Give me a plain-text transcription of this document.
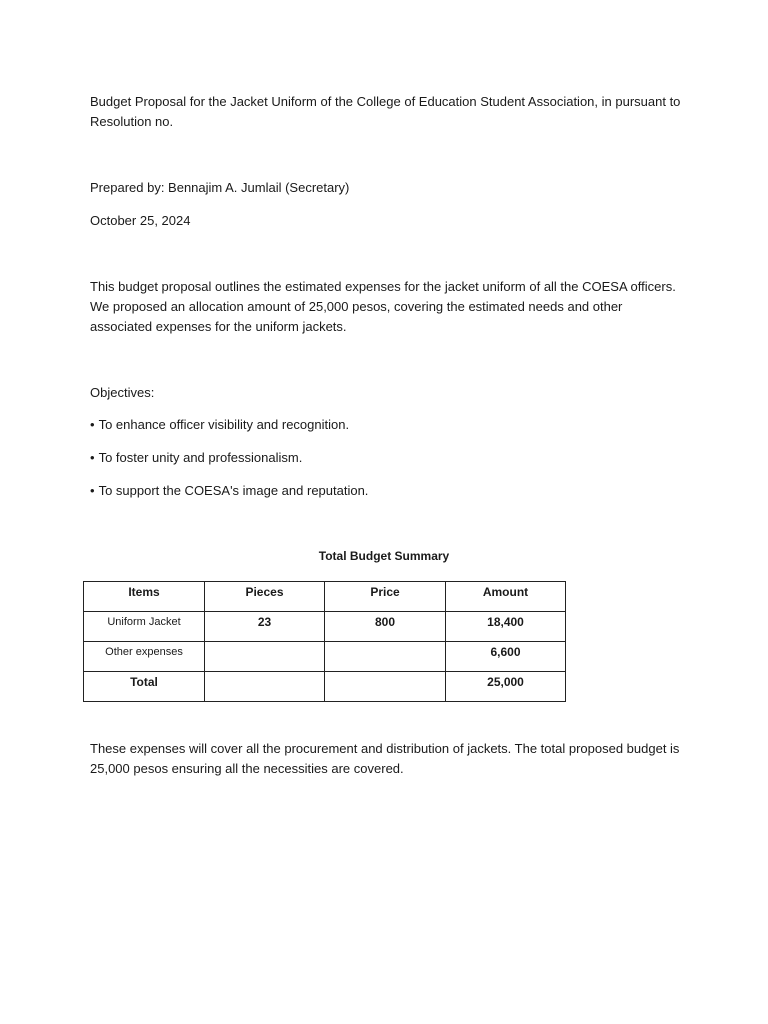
Budget Proposal for the Jacket Uniform of the College of Education Student Association, in pursuant to Resolution no.

Prepared by: Bennajim A. Jumlail (Secretary)

October 25, 2024

This budget proposal outlines the estimated expenses for the jacket uniform of all the COESA officers. We proposed an allocation amount of 25,000 pesos, covering the estimated needs and other associated expenses for the uniform jackets.

Objectives:

• To enhance officer visibility and recognition.

• To foster unity and professionalism.

• To support the COESA's image and reputation.

Total Budget Summary

Items	Pieces	Price	Amount
Uniform Jacket	23	800	18,400
Other expenses			6,600
Total			25,000

These expenses will cover all the procurement and distribution of jackets. The total proposed budget is 25,000 pesos ensuring all the necessities are covered.
